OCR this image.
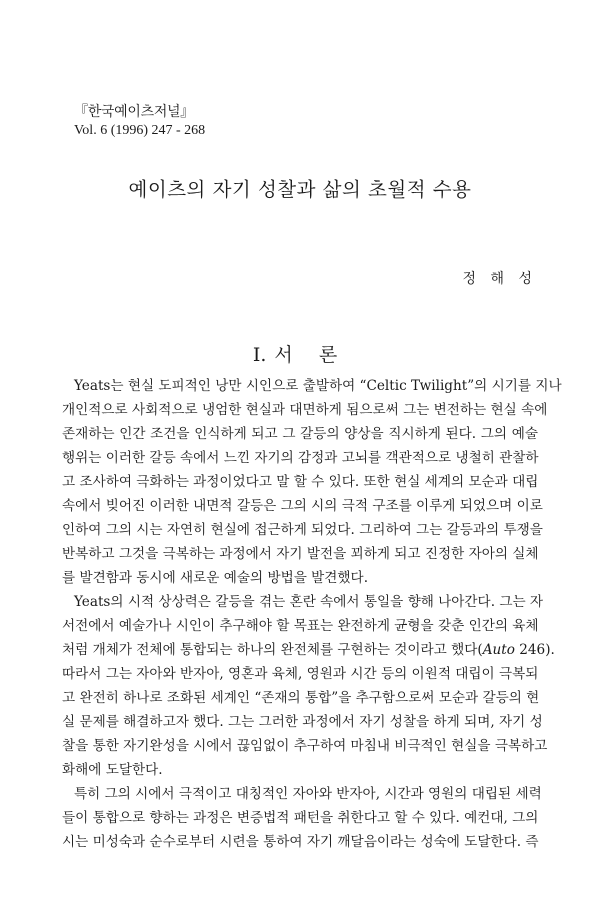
『한국예이츠저널』
Vol. 6 (1996) 247 - 268
예이츠의 자기 성찰과 삶의 초월적 수용
정 해 성
I. 서 론
Yeats는 현실 도피적인 낭만 시인으로 출발하여 “Celtic Twilight”의 시기를 지나
개인적으로 사회적으로 냉엄한 현실과 대면하게 됨으로써 그는 변전하는 현실 속에
존재하는 인간 조건을 인식하게 되고 그 갈등의 양상을 직시하게 된다. 그의 예술
행위는 이러한 갈등 속에서 느낀 자기의 감정과 고뇌를 객관적으로 냉철히 관찰하
고 조사하여 극화하는 과정이었다고 말 할 수 있다. 또한 현실 세계의 모순과 대립
속에서 빚어진 이러한 내면적 갈등은 그의 시의 극적 구조를 이루게 되었으며 이로
인하여 그의 시는 자연히 현실에 접근하게 되었다. 그리하여 그는 갈등과의 투쟁을
반복하고 그것을 극복하는 과정에서 자기 발전을 꾀하게 되고 진정한 자아의 실체
를 발견함과 동시에 새로운 예술의 방법을 발견했다.
Yeats의 시적 상상력은 갈등을 겪는 혼란 속에서 통일을 향해 나아간다. 그는 자
서전에서 예술가나 시인이 추구해야 할 목표는 완전하게 균형을 갖춘 인간의 육체
처럼 개체가 전체에 통합되는 하나의 완전체를 구현하는 것이라고 했다(Auto 246).
따라서 그는 자아와 반자아, 영혼과 육체, 영원과 시간 등의 이원적 대립이 극복되
고 완전히 하나로 조화된 세계인 “존재의 통합”을 추구함으로써 모순과 갈등의 현
실 문제를 해결하고자 했다. 그는 그러한 과정에서 자기 성찰을 하게 되며, 자기 성
찰을 통한 자기완성을 시에서 끊임없이 추구하여 마침내 비극적인 현실을 극복하고
화해에 도달한다.
특히 그의 시에서 극적이고 대칭적인 자아와 반자아, 시간과 영원의 대립된 세력
들이 통합으로 향하는 과정은 변증법적 패턴을 취한다고 할 수 있다. 예컨대, 그의
시는 미성숙과 순수로부터 시련을 통하여 자기 깨달음이라는 성숙에 도달한다. 즉
